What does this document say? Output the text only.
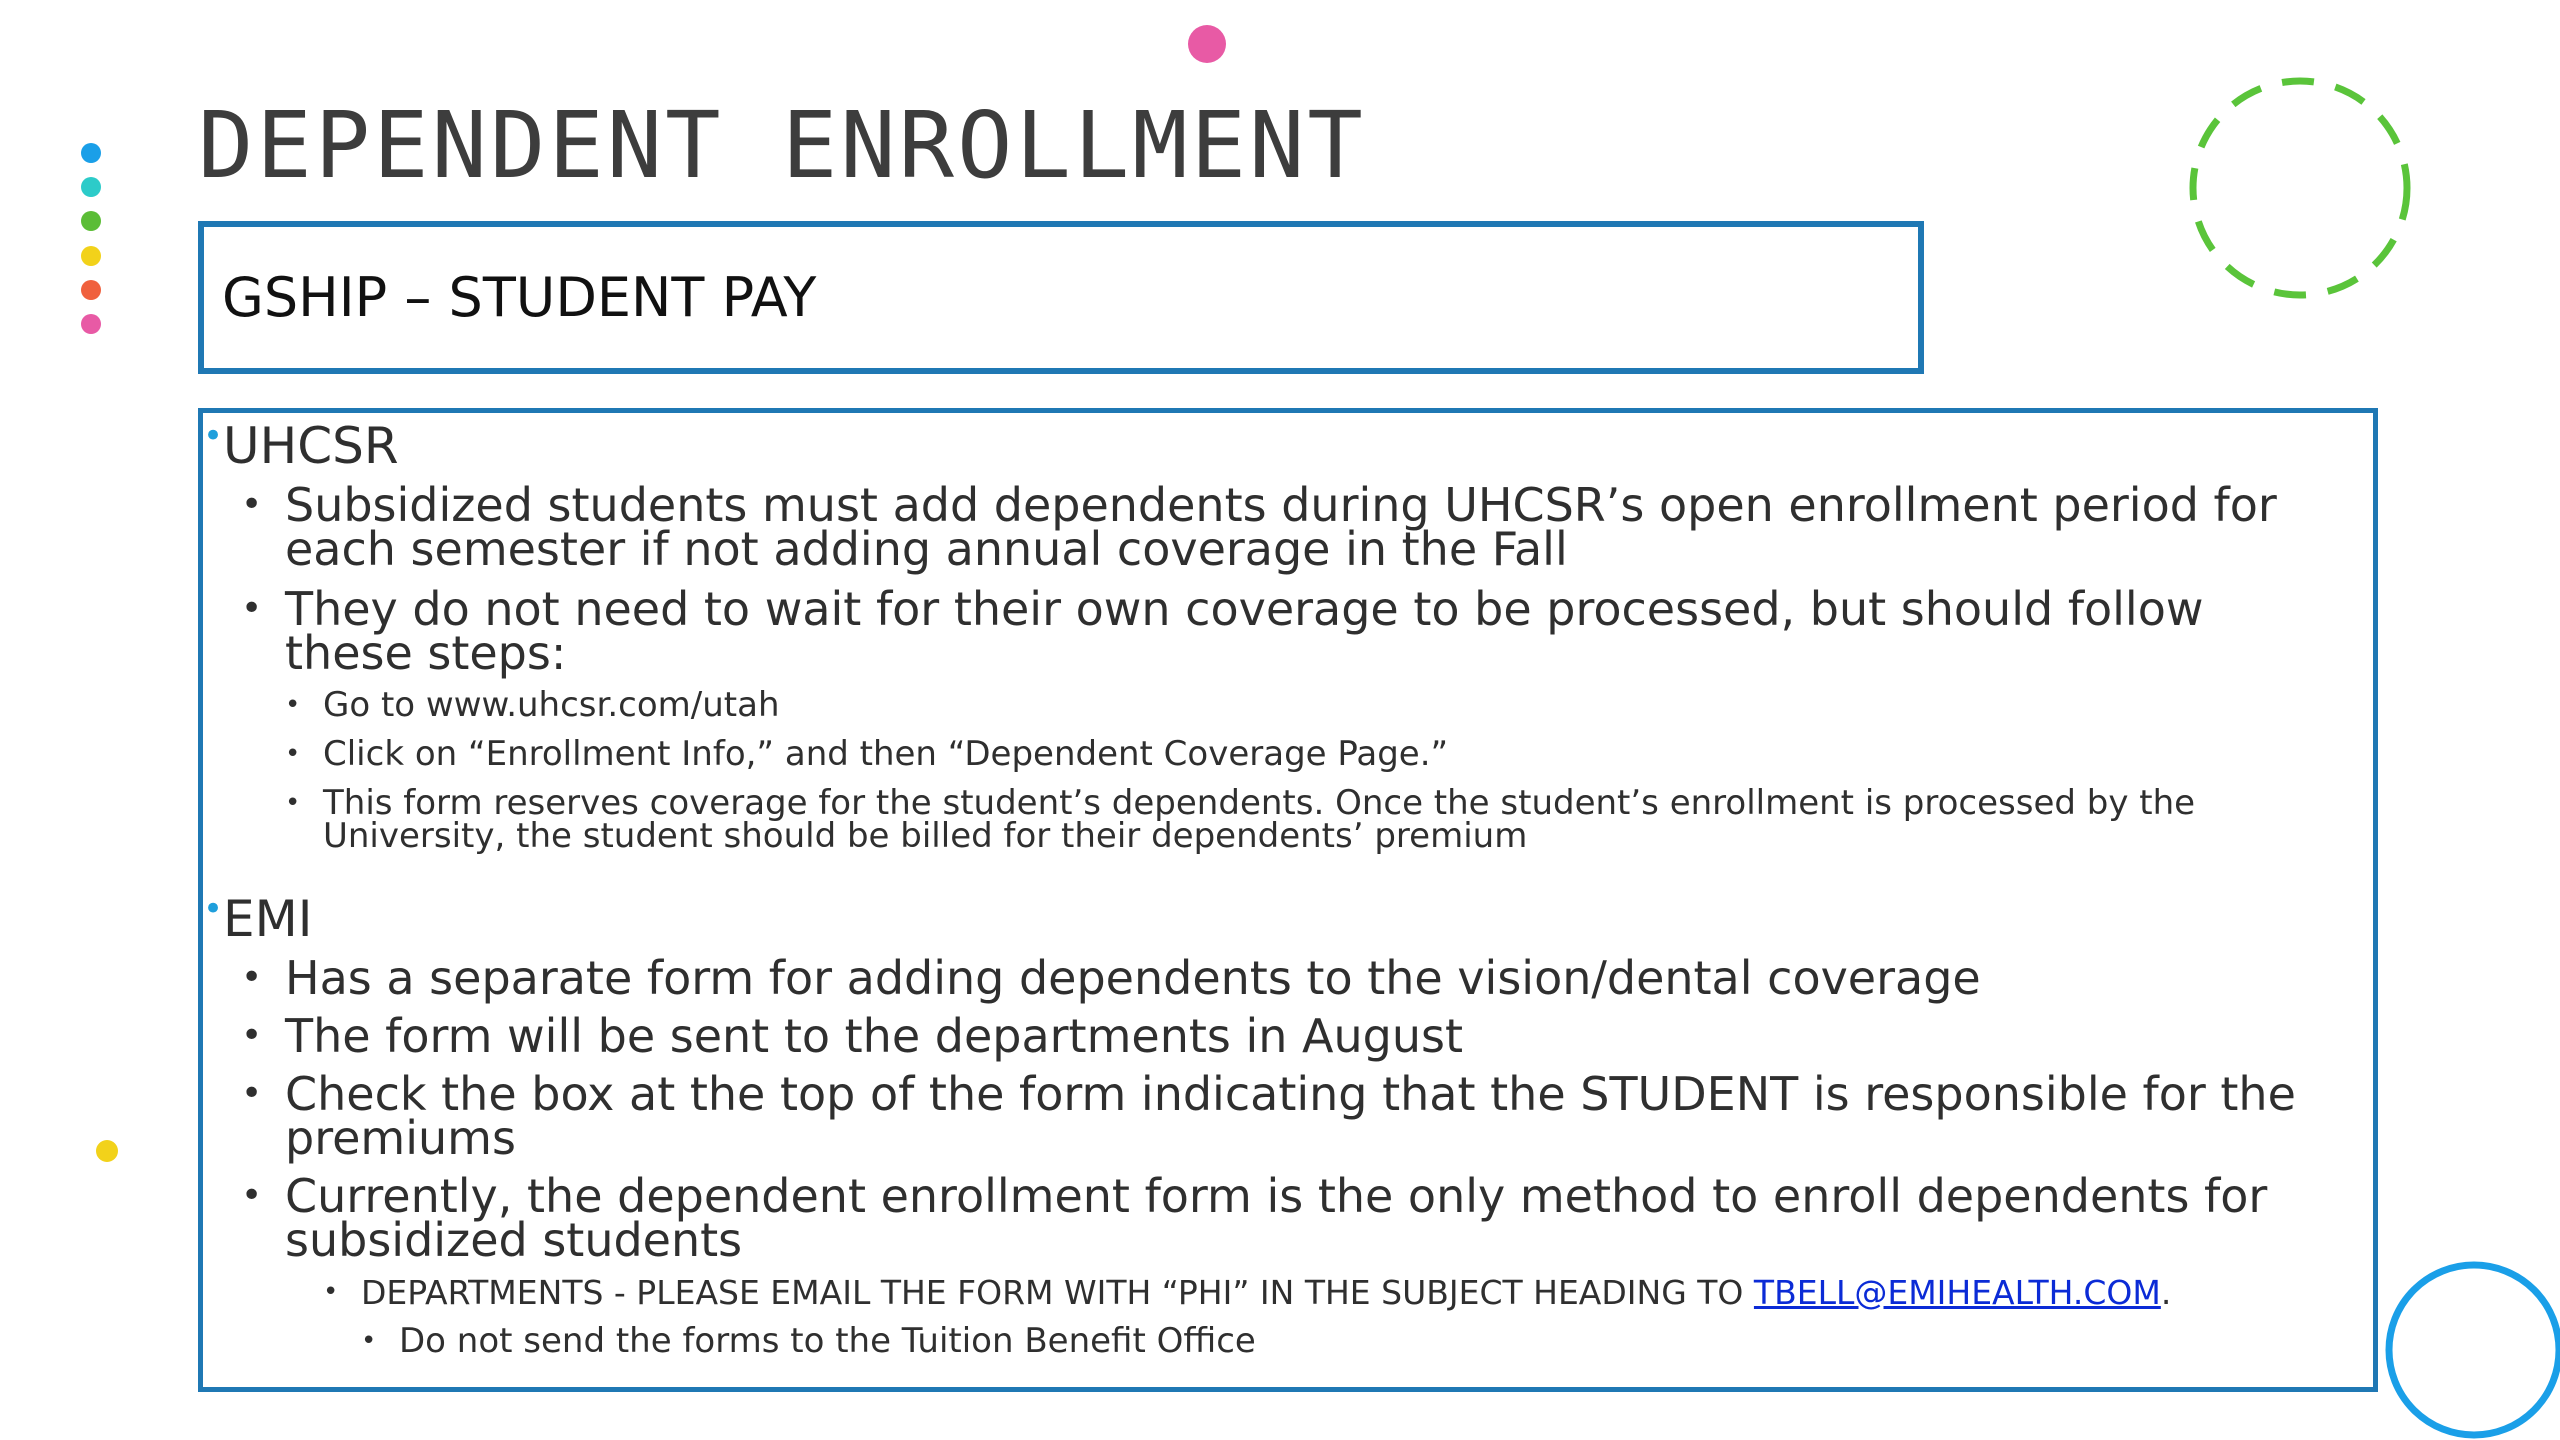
DEPENDENT ENROLLMENT
GSHIP – STUDENT PAY
• UHCSR
• Subsidized students must add dependents during UHCSR’s open enrollment period for each semester if not adding annual coverage in the Fall
• They do not need to wait for their own coverage to be processed, but should follow these steps:
• Go to www.uhcsr.com/utah
• Click on “Enrollment Info,” and then “Dependent Coverage Page.”
• This form reserves coverage for the student’s dependents. Once the student’s enrollment is processed by the University, the student should be billed for their dependents’ premium
• EMI
• Has a separate form for adding dependents to the vision/dental coverage
• The form will be sent to the departments in August
• Check the box at the top of the form indicating that the STUDENT is responsible for the premiums
• Currently, the dependent enrollment form is the only method to enroll dependents for subsidized students
• DEPARTMENTS - PLEASE EMAIL THE FORM WITH “PHI” IN THE SUBJECT HEADING TO TBELL@EMIHEALTH.COM.
• Do not send the forms to the Tuition Benefit Office
